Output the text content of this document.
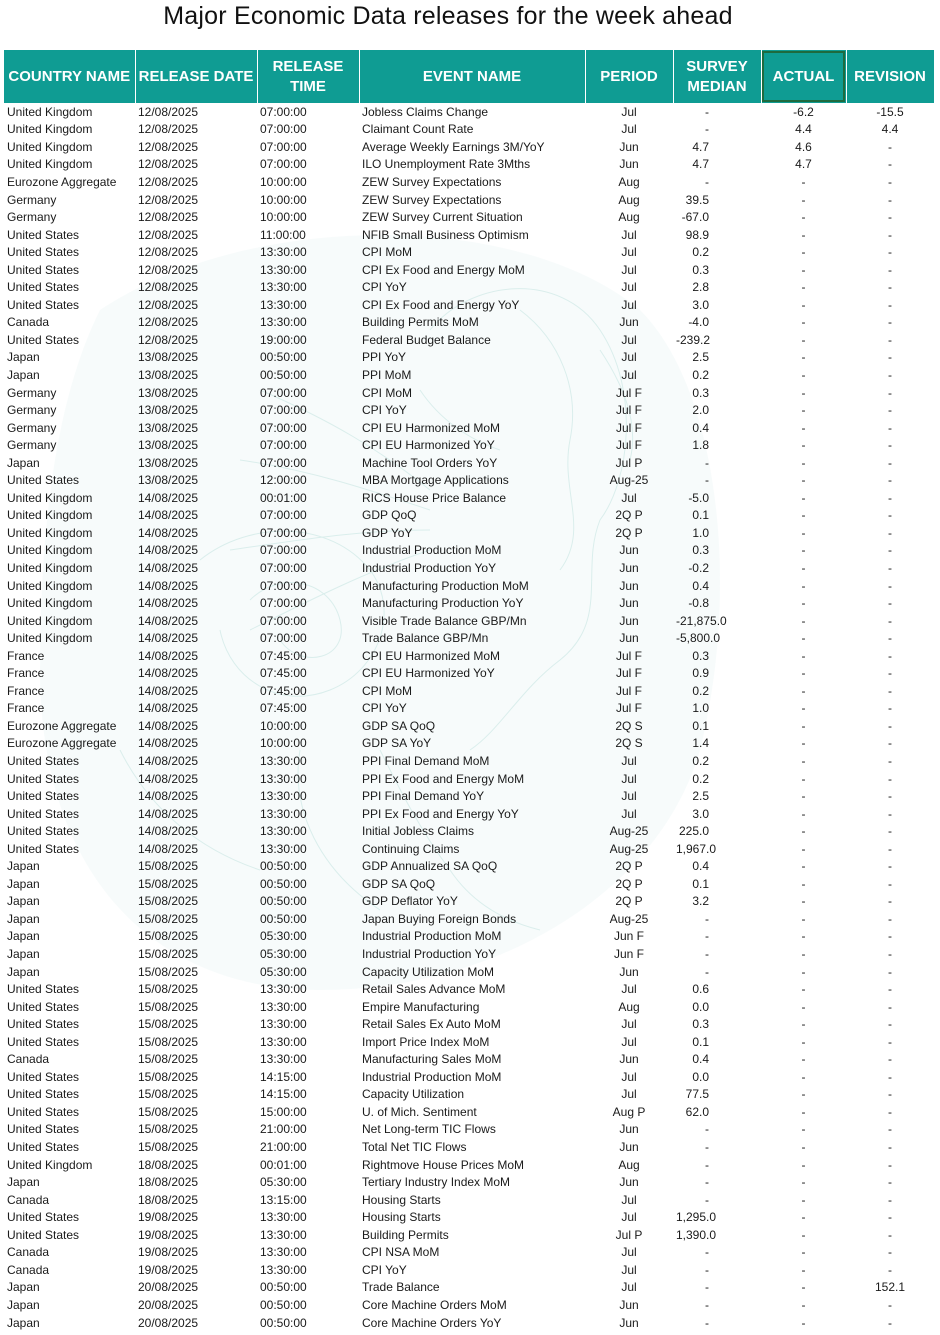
Major Economic Data releases for the week ahead
COUNTRY NAME	RELEASE DATE	RELEASE TIME	EVENT NAME	PERIOD	SURVEY MEDIAN	ACTUAL	REVISION
United Kingdom	12/08/2025	07:00:00	Jobless Claims Change	Jul	-	-6.2	-15.5
United Kingdom	12/08/2025	07:00:00	Claimant Count Rate	Jul	-	4.4	4.4
United Kingdom	12/08/2025	07:00:00	Average Weekly Earnings 3M/YoY	Jun	4.7	4.6	-
United Kingdom	12/08/2025	07:00:00	ILO Unemployment Rate 3Mths	Jun	4.7	4.7	-
Eurozone Aggregate	12/08/2025	10:00:00	ZEW Survey Expectations	Aug	-	-	-
Germany	12/08/2025	10:00:00	ZEW Survey Expectations	Aug	39.5	-	-
Germany	12/08/2025	10:00:00	ZEW Survey Current Situation	Aug	-67.0	-	-
United States	12/08/2025	11:00:00	NFIB Small Business Optimism	Jul	98.9	-	-
United States	12/08/2025	13:30:00	CPI MoM	Jul	0.2	-	-
United States	12/08/2025	13:30:00	CPI Ex Food and Energy MoM	Jul	0.3	-	-
United States	12/08/2025	13:30:00	CPI YoY	Jul	2.8	-	-
United States	12/08/2025	13:30:00	CPI Ex Food and Energy YoY	Jul	3.0	-	-
Canada	12/08/2025	13:30:00	Building Permits MoM	Jun	-4.0	-	-
United States	12/08/2025	19:00:00	Federal Budget Balance	Jul	-239.2	-	-
Japan	13/08/2025	00:50:00	PPI YoY	Jul	2.5	-	-
Japan	13/08/2025	00:50:00	PPI MoM	Jul	0.2	-	-
Germany	13/08/2025	07:00:00	CPI MoM	Jul F	0.3	-	-
Germany	13/08/2025	07:00:00	CPI YoY	Jul F	2.0	-	-
Germany	13/08/2025	07:00:00	CPI EU Harmonized MoM	Jul F	0.4	-	-
Germany	13/08/2025	07:00:00	CPI EU Harmonized YoY	Jul F	1.8	-	-
Japan	13/08/2025	07:00:00	Machine Tool Orders YoY	Jul P	-	-	-
United States	13/08/2025	12:00:00	MBA Mortgage Applications	Aug-25	-	-	-
United Kingdom	14/08/2025	00:01:00	RICS House Price Balance	Jul	-5.0	-	-
United Kingdom	14/08/2025	07:00:00	GDP QoQ	2Q P	0.1	-	-
United Kingdom	14/08/2025	07:00:00	GDP YoY	2Q P	1.0	-	-
United Kingdom	14/08/2025	07:00:00	Industrial Production MoM	Jun	0.3	-	-
United Kingdom	14/08/2025	07:00:00	Industrial Production YoY	Jun	-0.2	-	-
United Kingdom	14/08/2025	07:00:00	Manufacturing Production MoM	Jun	0.4	-	-
United Kingdom	14/08/2025	07:00:00	Manufacturing Production YoY	Jun	-0.8	-	-
United Kingdom	14/08/2025	07:00:00	Visible Trade Balance GBP/Mn	Jun	-21,875.0	-	-
United Kingdom	14/08/2025	07:00:00	Trade Balance GBP/Mn	Jun	-5,800.0	-	-
France	14/08/2025	07:45:00	CPI EU Harmonized MoM	Jul F	0.3	-	-
France	14/08/2025	07:45:00	CPI EU Harmonized YoY	Jul F	0.9	-	-
France	14/08/2025	07:45:00	CPI MoM	Jul F	0.2	-	-
France	14/08/2025	07:45:00	CPI YoY	Jul F	1.0	-	-
Eurozone Aggregate	14/08/2025	10:00:00	GDP SA QoQ	2Q S	0.1	-	-
Eurozone Aggregate	14/08/2025	10:00:00	GDP SA YoY	2Q S	1.4	-	-
United States	14/08/2025	13:30:00	PPI Final Demand MoM	Jul	0.2	-	-
United States	14/08/2025	13:30:00	PPI Ex Food and Energy MoM	Jul	0.2	-	-
United States	14/08/2025	13:30:00	PPI Final Demand YoY	Jul	2.5	-	-
United States	14/08/2025	13:30:00	PPI Ex Food and Energy YoY	Jul	3.0	-	-
United States	14/08/2025	13:30:00	Initial Jobless Claims	Aug-25	225.0	-	-
United States	14/08/2025	13:30:00	Continuing Claims	Aug-25	1,967.0	-	-
Japan	15/08/2025	00:50:00	GDP Annualized SA QoQ	2Q P	0.4	-	-
Japan	15/08/2025	00:50:00	GDP SA QoQ	2Q P	0.1	-	-
Japan	15/08/2025	00:50:00	GDP Deflator YoY	2Q P	3.2	-	-
Japan	15/08/2025	00:50:00	Japan Buying Foreign Bonds	Aug-25	-	-	-
Japan	15/08/2025	05:30:00	Industrial Production MoM	Jun F	-	-	-
Japan	15/08/2025	05:30:00	Industrial Production YoY	Jun F	-	-	-
Japan	15/08/2025	05:30:00	Capacity Utilization MoM	Jun	-	-	-
United States	15/08/2025	13:30:00	Retail Sales Advance MoM	Jul	0.6	-	-
United States	15/08/2025	13:30:00	Empire Manufacturing	Aug	0.0	-	-
United States	15/08/2025	13:30:00	Retail Sales Ex Auto MoM	Jul	0.3	-	-
United States	15/08/2025	13:30:00	Import Price Index MoM	Jul	0.1	-	-
Canada	15/08/2025	13:30:00	Manufacturing Sales MoM	Jun	0.4	-	-
United States	15/08/2025	14:15:00	Industrial Production MoM	Jul	0.0	-	-
United States	15/08/2025	14:15:00	Capacity Utilization	Jul	77.5	-	-
United States	15/08/2025	15:00:00	U. of Mich. Sentiment	Aug P	62.0	-	-
United States	15/08/2025	21:00:00	Net Long-term TIC Flows	Jun	-	-	-
United States	15/08/2025	21:00:00	Total Net TIC Flows	Jun	-	-	-
United Kingdom	18/08/2025	00:01:00	Rightmove House Prices MoM	Aug	-	-	-
Japan	18/08/2025	05:30:00	Tertiary Industry Index MoM	Jun	-	-	-
Canada	18/08/2025	13:15:00	Housing Starts	Jul	-	-	-
United States	19/08/2025	13:30:00	Housing Starts	Jul	1,295.0	-	-
United States	19/08/2025	13:30:00	Building Permits	Jul P	1,390.0	-	-
Canada	19/08/2025	13:30:00	CPI NSA MoM	Jul	-	-	-
Canada	19/08/2025	13:30:00	CPI YoY	Jul	-	-	-
Japan	20/08/2025	00:50:00	Trade Balance	Jul	-	-	152.1
Japan	20/08/2025	00:50:00	Core Machine Orders MoM	Jun	-	-	-
Japan	20/08/2025	00:50:00	Core Machine Orders YoY	Jun	-	-	-
